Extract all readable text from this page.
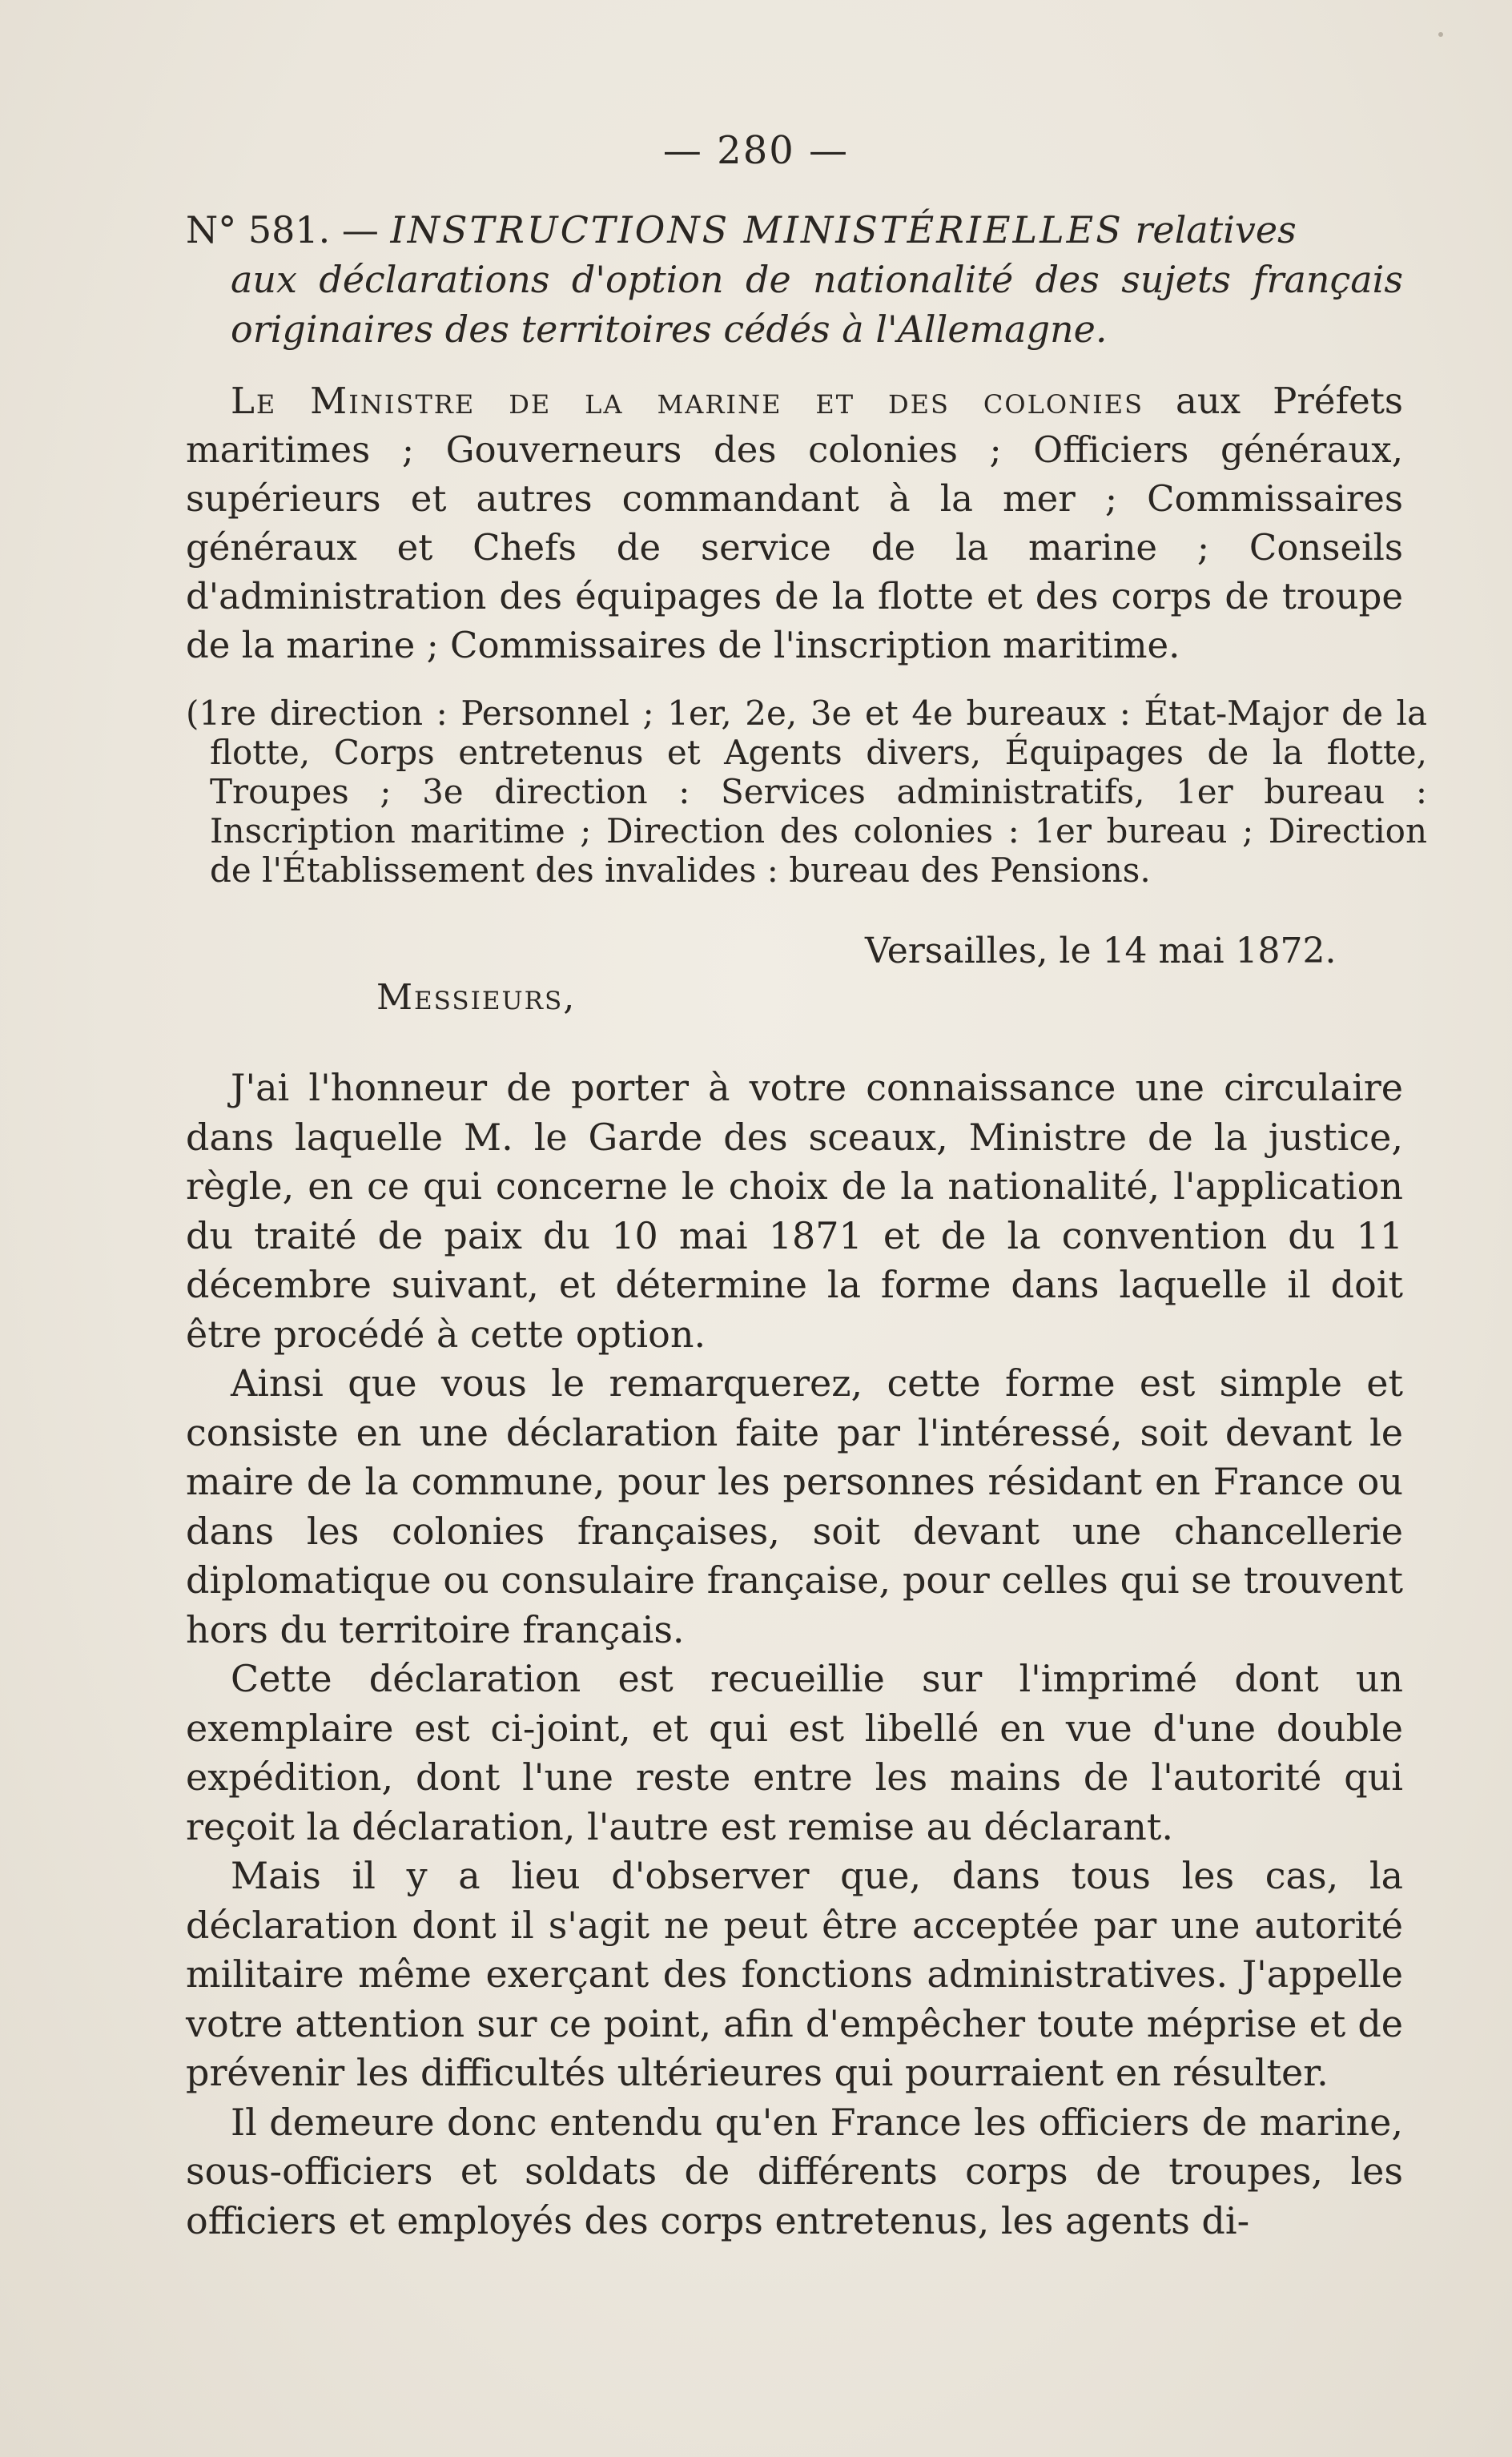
— 280 —
N° 581. — INSTRUCTIONS MINISTÉRIELLES relatives
aux déclarations d'option de nationalité des sujets français originaires des territoires cédés à l'Allemagne.
Le Ministre de la marine et des colonies aux Préfets maritimes ; Gouverneurs des colonies ; Officiers généraux, supérieurs et autres commandant à la mer ; Commissaires généraux et Chefs de service de la marine ; Conseils d'administration des équipages de la flotte et des corps de troupe de la marine ; Commissaires de l'inscription maritime.
(1re direction : Personnel ; 1er, 2e, 3e et 4e bureaux : État-Major de la flotte, Corps entretenus et Agents divers, Équipages de la flotte, Troupes ; 3e direction : Services administratifs, 1er bureau : Inscription maritime ; Direction des colonies : 1er bureau ; Direction de l'Établissement des invalides : bureau des Pensions.
Versailles, le 14 mai 1872.
Messieurs,

J'ai l'honneur de porter à votre connaissance une circulaire dans laquelle M. le Garde des sceaux, Ministre de la justice, règle, en ce qui concerne le choix de la nationalité, l'application du traité de paix du 10 mai 1871 et de la convention du 11 décembre suivant, et détermine la forme dans laquelle il doit être procédé à cette option.

Ainsi que vous le remarquerez, cette forme est simple et consiste en une déclaration faite par l'intéressé, soit devant le maire de la commune, pour les personnes résidant en France ou dans les colonies françaises, soit devant une chancellerie diplomatique ou consulaire française, pour celles qui se trouvent hors du territoire français.

Cette déclaration est recueillie sur l'imprimé dont un exemplaire est ci-joint, et qui est libellé en vue d'une double expédition, dont l'une reste entre les mains de l'autorité qui reçoit la déclaration, l'autre est remise au déclarant.

Mais il y a lieu d'observer que, dans tous les cas, la déclaration dont il s'agit ne peut être acceptée par une autorité militaire même exerçant des fonctions administratives. J'appelle votre attention sur ce point, afin d'empêcher toute méprise et de prévenir les difficultés ultérieures qui pourraient en résulter.

Il demeure donc entendu qu'en France les officiers de marine, sous-officiers et soldats de différents corps de troupes, les officiers et employés des corps entretenus, les agents di-
